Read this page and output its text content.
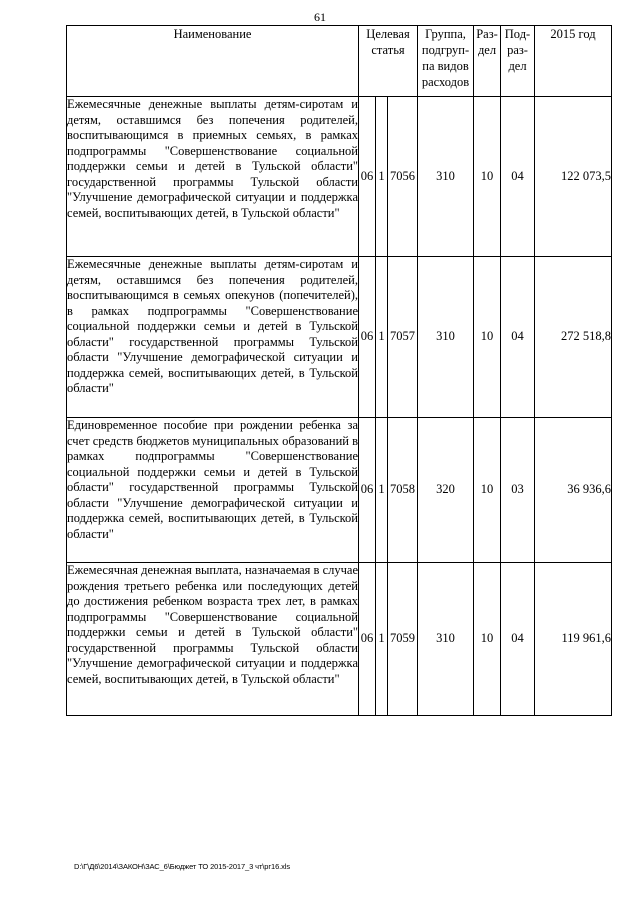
61
Наименование	Целевая статья			Группа, подгруп-па видов расходов	Раз-дел	Под-раз-дел	2015 год
Ежемесячные денежные выплаты детям-сиротам и детям, оставшимся без попечения родителей, воспитывающимся в приемных семьях, в рамках подпрограммы "Совершенствование социальной поддержки семьи и детей в Тульской области" государственной программы Тульской области "Улучшение демографической ситуации и поддержка семей, воспитывающих детей, в Тульской области"	06	1	7056	310	10	04	122 073,5
Ежемесячные денежные выплаты детям-сиротам и детям, оставшимся без попечения родителей, воспитывающимся в семьях опекунов (попечителей), в рамках подпрограммы "Совершенствование социальной поддержки семьи и детей в Тульской области" государственной программы Тульской области "Улучшение демографической ситуации и поддержка семей, воспитывающих детей, в Тульской области"	06	1	7057	310	10	04	272 518,8
Единовременное пособие при рождении ребенка за счет средств бюджетов муниципальных образований в рамках подпрограммы "Совершенствование социальной поддержки семьи и детей в Тульской области" государственной программы Тульской области "Улучшение демографической ситуации и поддержка семей, воспитывающих детей, в Тульской области"	06	1	7058	320	10	03	36 936,6
Ежемесячная денежная выплата, назначаемая в случае рождения третьего ребенка или последующих детей до достижения ребенком возраста трех лет, в рамках подпрограммы "Совершенствование социальной поддержки семьи и детей в Тульской области" государственной программы Тульской области "Улучшение демографической ситуации и поддержка семей, воспитывающих детей, в Тульской области"	06	1	7059	310	10	04	119 961,6
D:\Г\Д6\2014\ЗАКОН\ЗАС_6\Бюджет ТО 2015-2017_3 чт\рг16.xls
